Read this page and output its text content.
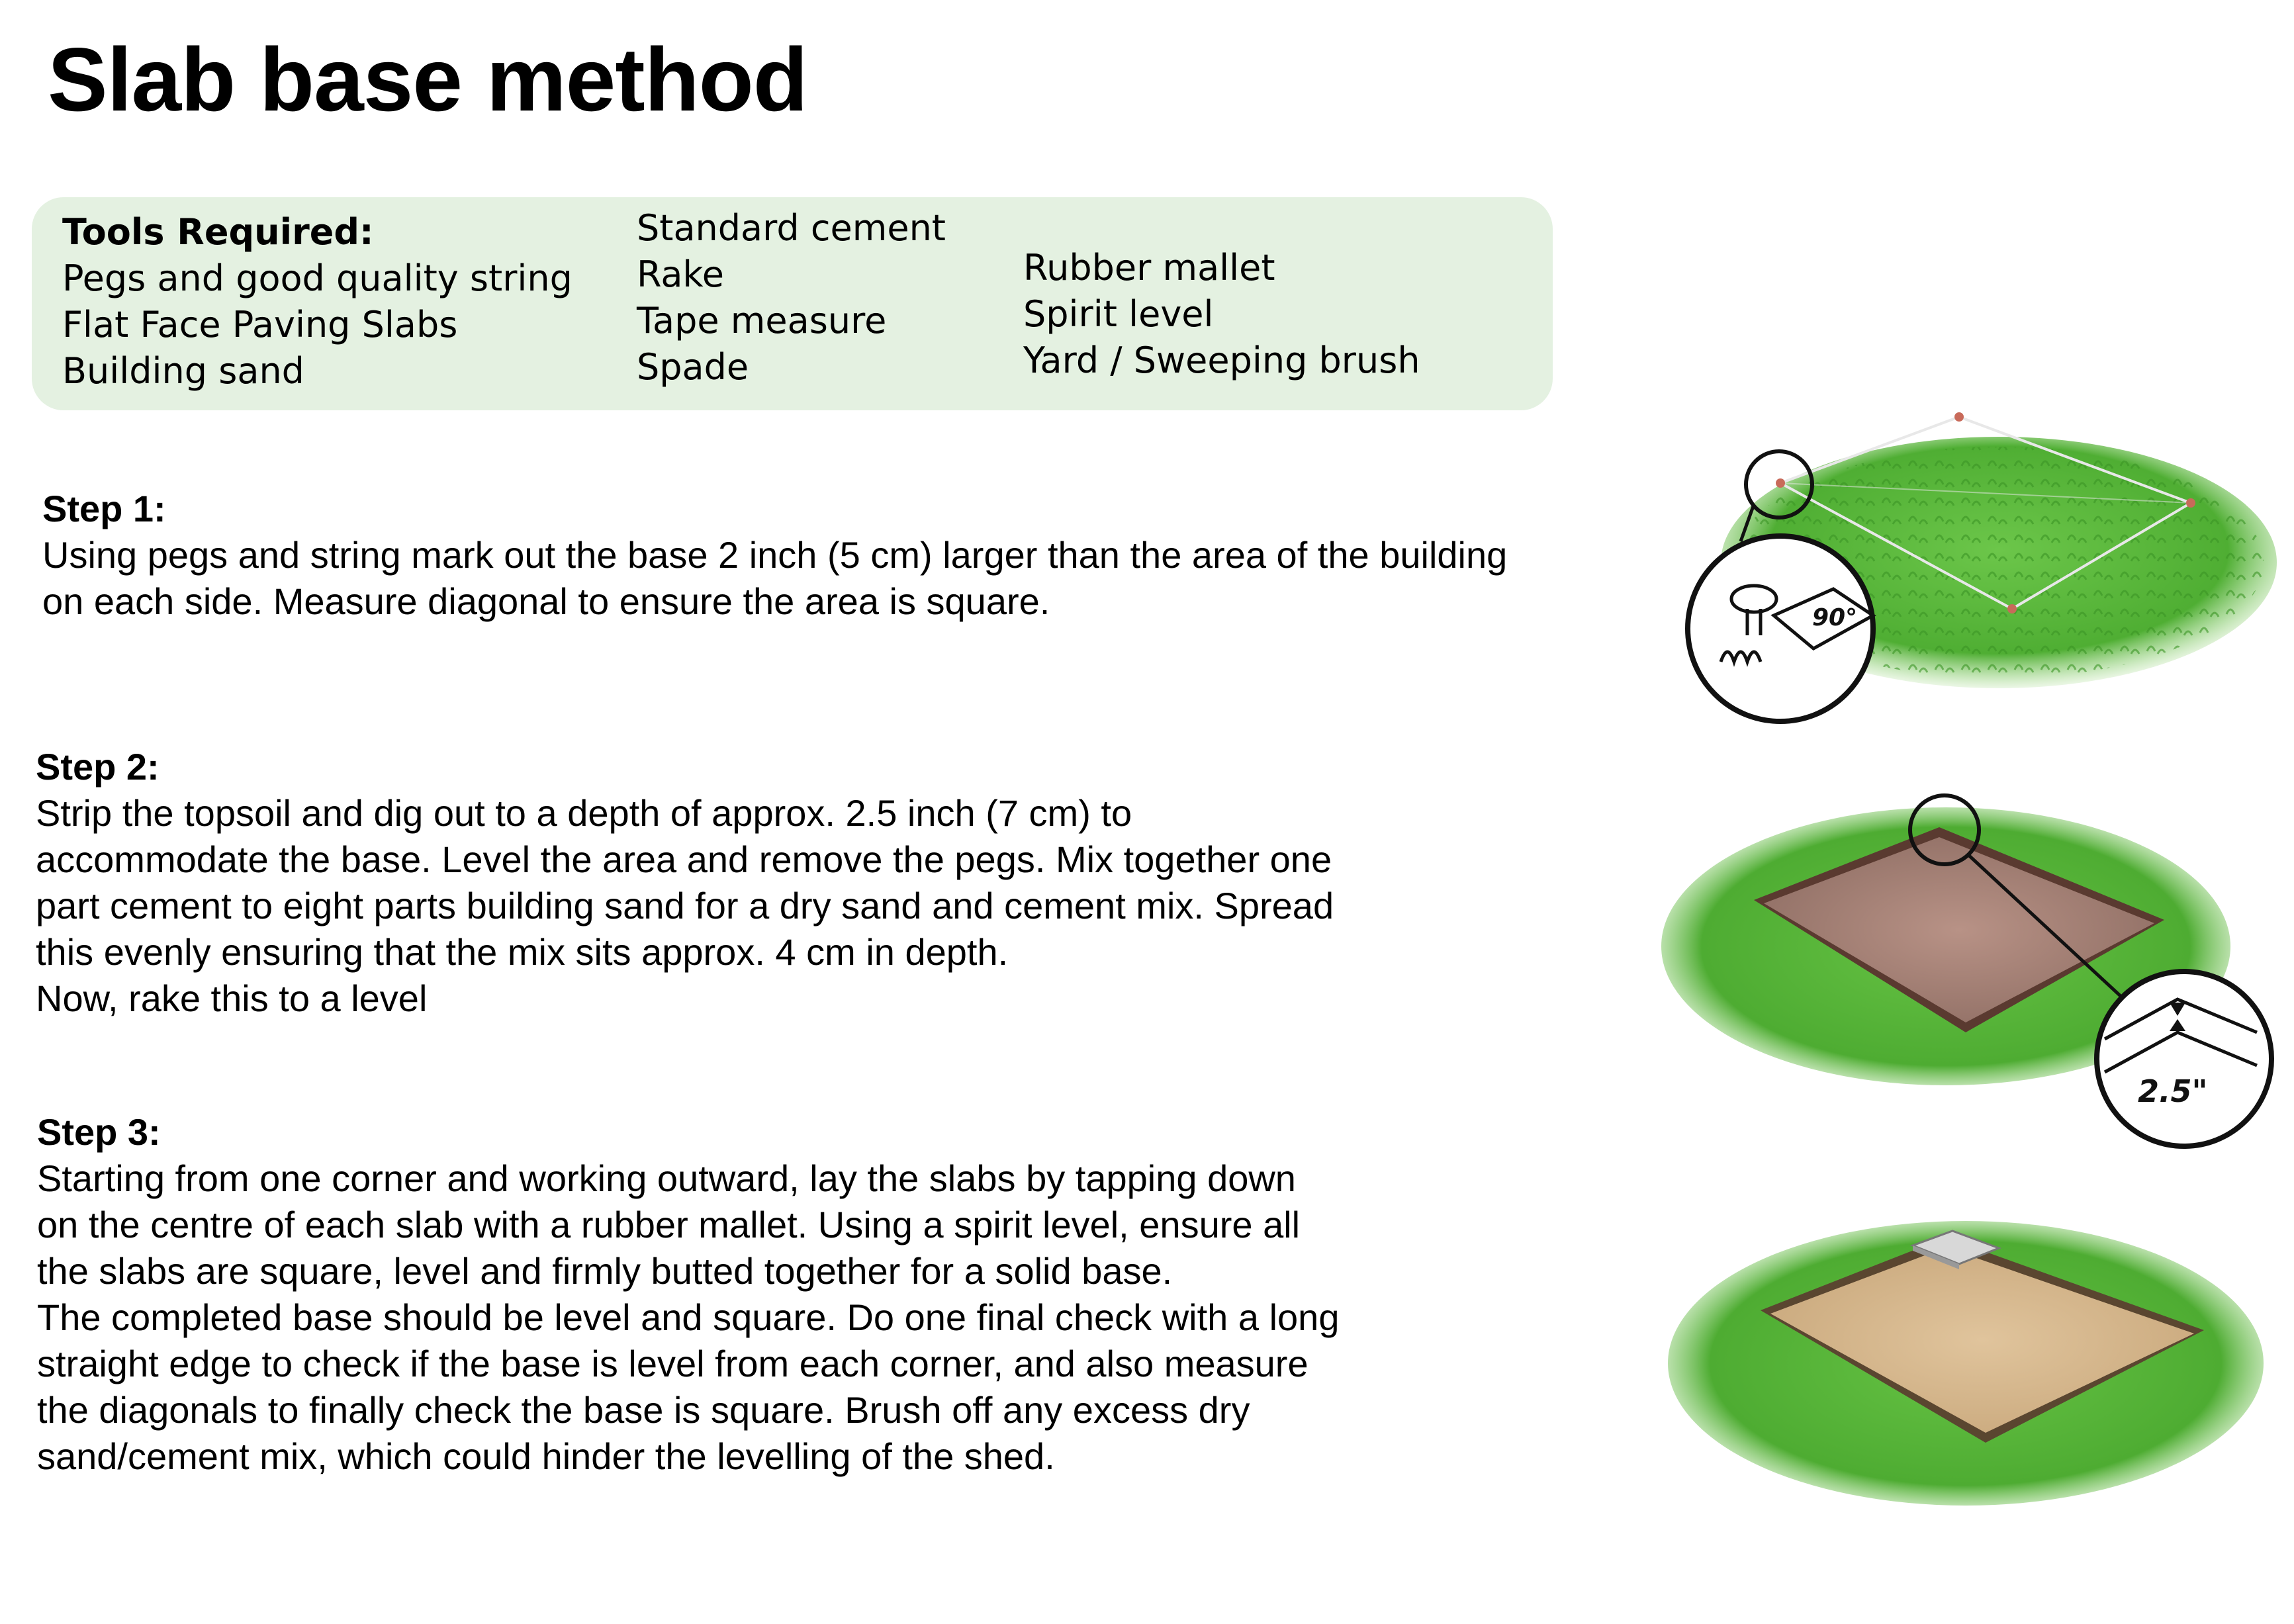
Slab base method
Tools Required:
Pegs and good quality string
Flat Face Paving Slabs
Building sand
Standard cement
Rake
Tape measure
Spade
Rubber mallet
Spirit level
Yard / Sweeping brush
Step 1:
Using pegs and string mark out the base 2 inch (5 cm) larger than the area of the building
on each side. Measure diagonal to ensure the area is square.
Step 2:
Strip the topsoil and dig out to a depth of approx. 2.5 inch (7 cm) to
accommodate the base. Level the area and remove the pegs. Mix together one
part cement to eight parts building sand for a dry sand and cement mix. Spread
this evenly ensuring that the mix sits approx. 4 cm in depth.
Now, rake this to a level
Step 3:
Starting from one corner and working outward, lay the slabs by tapping down
on the centre of each slab with a rubber mallet. Using a spirit level, ensure all
the slabs are square, level and firmly butted together for a solid base.
The completed base should be level and square. Do one final check with a long
straight edge to check if the base is level from each corner, and also measure
the diagonals to finally check the base is square. Brush off any excess dry
sand/cement mix, which could hinder the levelling of the shed.
90°
2.5"
